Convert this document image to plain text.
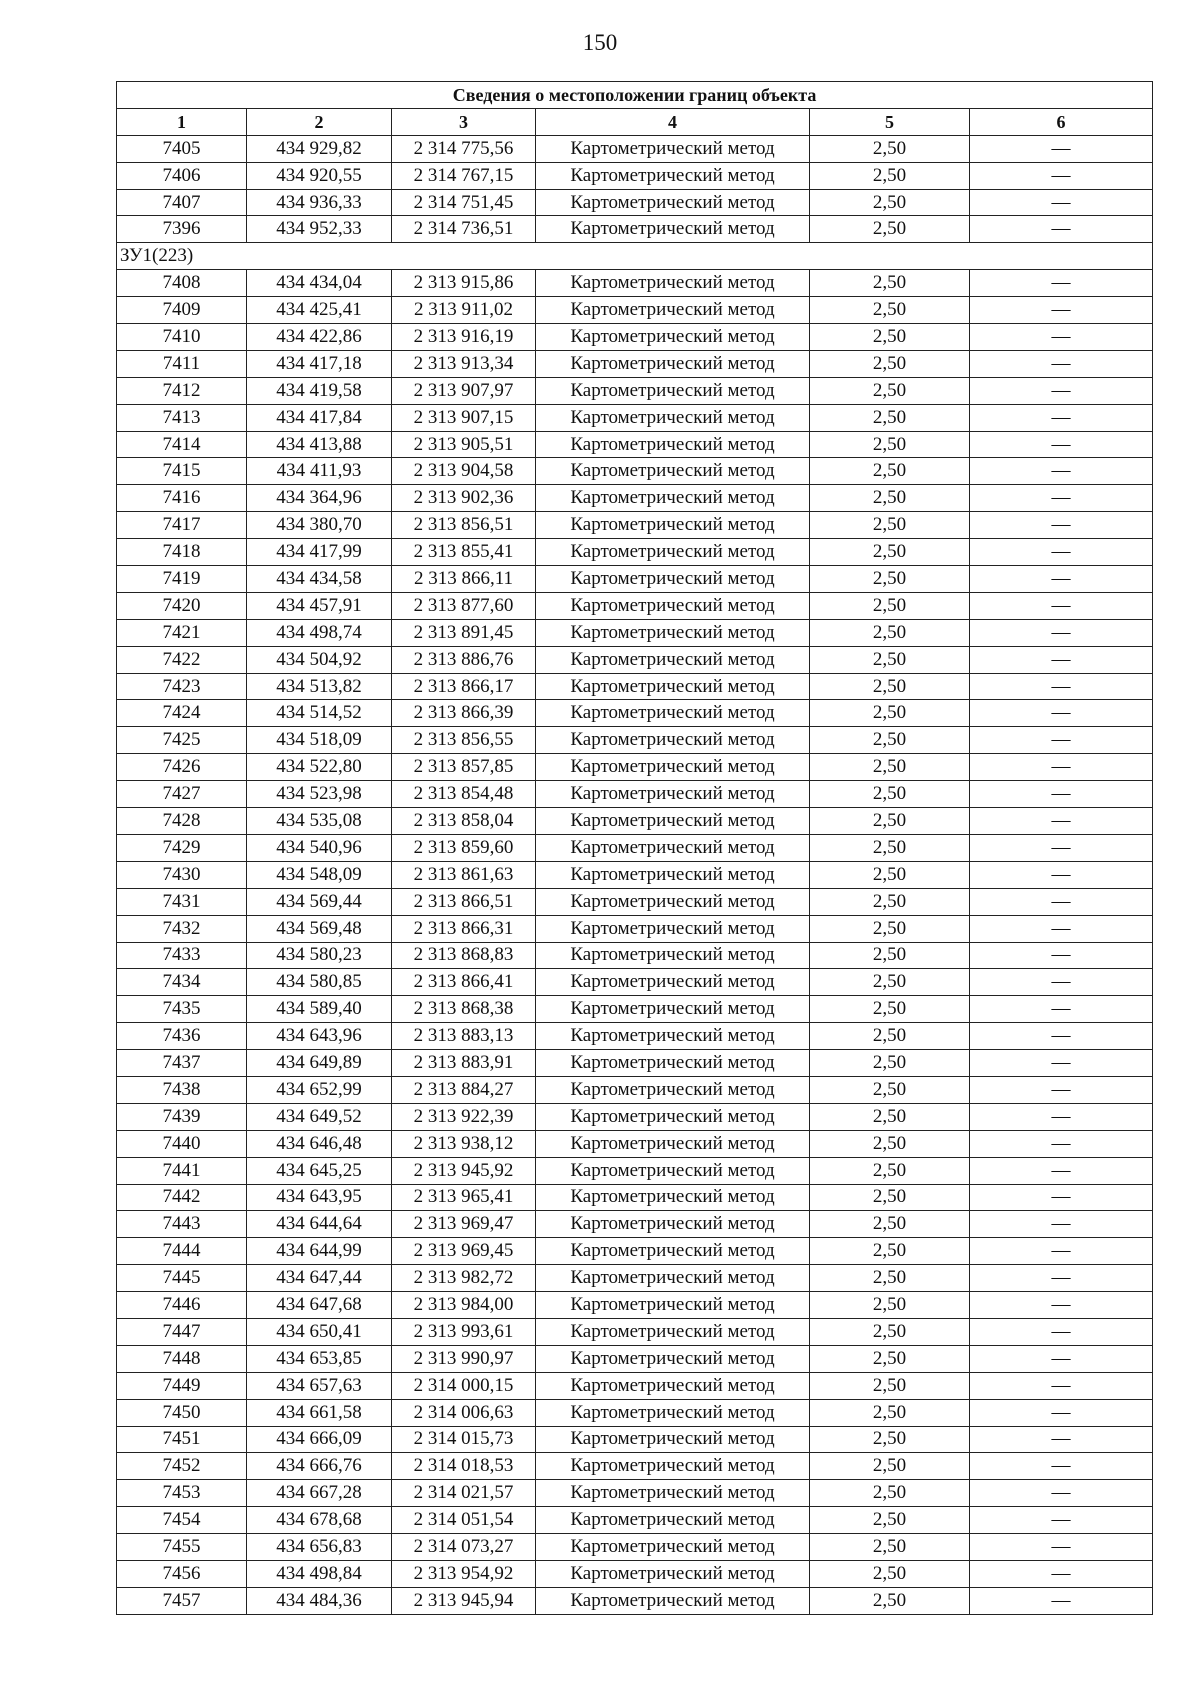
150
Сведения о местоположении границ объекта					
1	2	3	4	5	6
7405	434 929,82	2 314 775,56	Картометрический метод	2,50	—
7406	434 920,55	2 314 767,15	Картометрический метод	2,50	—
7407	434 936,33	2 314 751,45	Картометрический метод	2,50	—
7396	434 952,33	2 314 736,51	Картометрический метод	2,50	—
ЗУ1(223)					
7408	434 434,04	2 313 915,86	Картометрический метод	2,50	—
7409	434 425,41	2 313 911,02	Картометрический метод	2,50	—
7410	434 422,86	2 313 916,19	Картометрический метод	2,50	—
7411	434 417,18	2 313 913,34	Картометрический метод	2,50	—
7412	434 419,58	2 313 907,97	Картометрический метод	2,50	—
7413	434 417,84	2 313 907,15	Картометрический метод	2,50	—
7414	434 413,88	2 313 905,51	Картометрический метод	2,50	—
7415	434 411,93	2 313 904,58	Картометрический метод	2,50	—
7416	434 364,96	2 313 902,36	Картометрический метод	2,50	—
7417	434 380,70	2 313 856,51	Картометрический метод	2,50	—
7418	434 417,99	2 313 855,41	Картометрический метод	2,50	—
7419	434 434,58	2 313 866,11	Картометрический метод	2,50	—
7420	434 457,91	2 313 877,60	Картометрический метод	2,50	—
7421	434 498,74	2 313 891,45	Картометрический метод	2,50	—
7422	434 504,92	2 313 886,76	Картометрический метод	2,50	—
7423	434 513,82	2 313 866,17	Картометрический метод	2,50	—
7424	434 514,52	2 313 866,39	Картометрический метод	2,50	—
7425	434 518,09	2 313 856,55	Картометрический метод	2,50	—
7426	434 522,80	2 313 857,85	Картометрический метод	2,50	—
7427	434 523,98	2 313 854,48	Картометрический метод	2,50	—
7428	434 535,08	2 313 858,04	Картометрический метод	2,50	—
7429	434 540,96	2 313 859,60	Картометрический метод	2,50	—
7430	434 548,09	2 313 861,63	Картометрический метод	2,50	—
7431	434 569,44	2 313 866,51	Картометрический метод	2,50	—
7432	434 569,48	2 313 866,31	Картометрический метод	2,50	—
7433	434 580,23	2 313 868,83	Картометрический метод	2,50	—
7434	434 580,85	2 313 866,41	Картометрический метод	2,50	—
7435	434 589,40	2 313 868,38	Картометрический метод	2,50	—
7436	434 643,96	2 313 883,13	Картометрический метод	2,50	—
7437	434 649,89	2 313 883,91	Картометрический метод	2,50	—
7438	434 652,99	2 313 884,27	Картометрический метод	2,50	—
7439	434 649,52	2 313 922,39	Картометрический метод	2,50	—
7440	434 646,48	2 313 938,12	Картометрический метод	2,50	—
7441	434 645,25	2 313 945,92	Картометрический метод	2,50	—
7442	434 643,95	2 313 965,41	Картометрический метод	2,50	—
7443	434 644,64	2 313 969,47	Картометрический метод	2,50	—
7444	434 644,99	2 313 969,45	Картометрический метод	2,50	—
7445	434 647,44	2 313 982,72	Картометрический метод	2,50	—
7446	434 647,68	2 313 984,00	Картометрический метод	2,50	—
7447	434 650,41	2 313 993,61	Картометрический метод	2,50	—
7448	434 653,85	2 313 990,97	Картометрический метод	2,50	—
7449	434 657,63	2 314 000,15	Картометрический метод	2,50	—
7450	434 661,58	2 314 006,63	Картометрический метод	2,50	—
7451	434 666,09	2 314 015,73	Картометрический метод	2,50	—
7452	434 666,76	2 314 018,53	Картометрический метод	2,50	—
7453	434 667,28	2 314 021,57	Картометрический метод	2,50	—
7454	434 678,68	2 314 051,54	Картометрический метод	2,50	—
7455	434 656,83	2 314 073,27	Картометрический метод	2,50	—
7456	434 498,84	2 313 954,92	Картометрический метод	2,50	—
7457	434 484,36	2 313 945,94	Картометрический метод	2,50	—
